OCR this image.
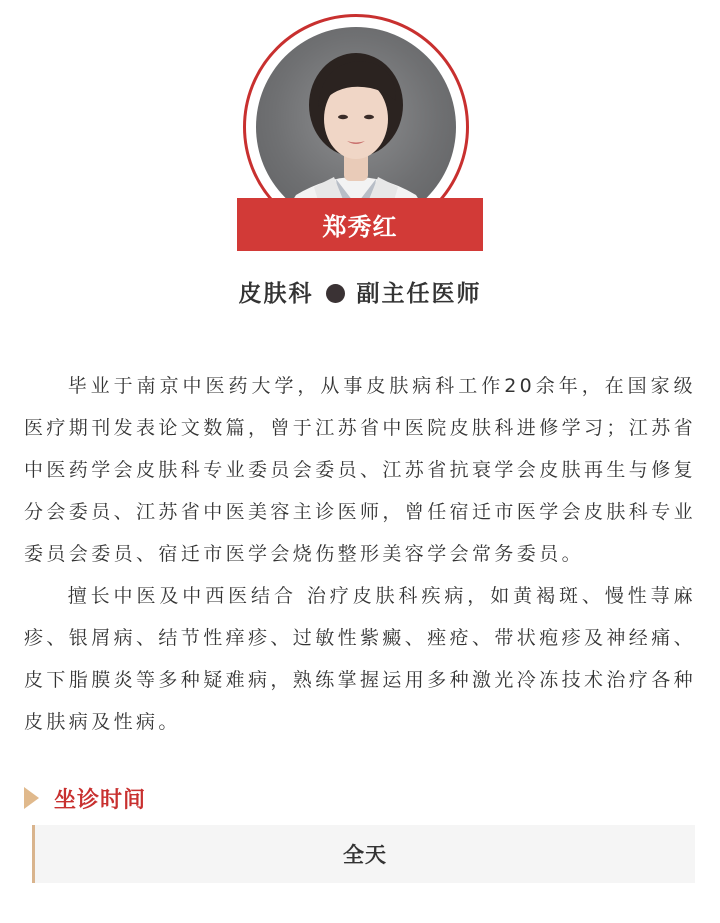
郑秀红
皮肤科 副主任医师

毕业于南京中医药大学，从事皮肤病科工作20余年，在国家级医疗期刊发表论文数篇，曾于江苏省中医院皮肤科进修学习；江苏省中医药学会皮肤科专业委员会委员、江苏省抗衰学会皮肤再生与修复分会委员、江苏省中医美容主诊医师，曾任宿迁市医学会皮肤科专业委员会委员、宿迁市医学会烧伤整形美容学会常务委员。

擅长中医及中西医结合 治疗皮肤科疾病，如黄褐斑、慢性荨麻疹、银屑病、结节性痒疹、过敏性紫癜、痤疮、带状疱疹及神经痛、皮下脂膜炎等多种疑难病，熟练掌握运用多种激光冷冻技术治疗各种皮肤病及性病。

坐诊时间
全天
